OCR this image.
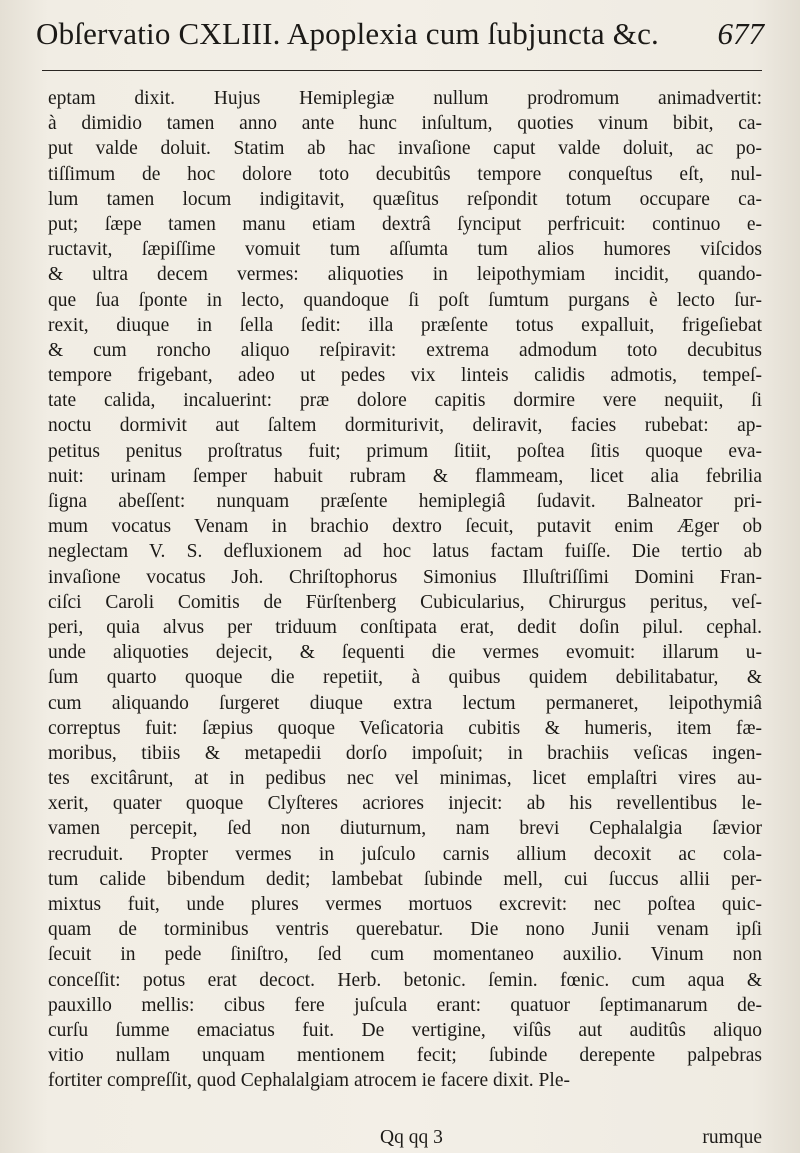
Obſervatio CXLIII. Apoplexia cum ſubjuncta &c. 677
eptam dixit. Hujus Hemiplegiæ nullum prodromum animadvertit:
à dimidio tamen anno ante hunc inſultum, quoties vinum bibit, ca-
put valde doluit. Statim ab hac invaſione caput valde doluit, ac po-
tiſſimum de hoc dolore toto decubitûs tempore conqueſtus eſt, nul-
lum tamen locum indigitavit, quæſitus reſpondit totum occupare ca-
put; ſæpe tamen manu etiam dextrâ ſynciput perfricuit: continuo e-
ructavit, ſæpiſſime vomuit tum aſſumta tum alios humores viſcidos
& ultra decem vermes: aliquoties in leipothymiam incidit, quando-
que ſua ſponte in lecto, quandoque ſi poſt ſumtum purgans è lecto ſur-
rexit, diuque in ſella ſedit: illa præſente totus expalluit, frigeſiebat
& cum roncho aliquo reſpiravit: extrema admodum toto decubitus
tempore frigebant, adeo ut pedes vix linteis calidis admotis, tempeſ-
tate calida, incaluerint: præ dolore capitis dormire vere nequiit, ſi
noctu dormivit aut ſaltem dormiturivit, deliravit, facies rubebat: ap-
petitus penitus proſtratus fuit; primum ſitiit, poſtea ſitis quoque eva-
nuit: urinam ſemper habuit rubram & flammeam, licet alia febrilia
ſigna abeſſent: nunquam præſente hemiplegiâ ſudavit. Balneator pri-
mum vocatus Venam in brachio dextro ſecuit, putavit enim Æger ob
neglectam V. S. defluxionem ad hoc latus factam fuiſſe. Die tertio ab
invaſione vocatus Joh. Chriſtophorus Simonius Illuſtriſſimi Domini Fran-
ciſci Caroli Comitis de Fürſtenberg Cubicularius, Chirurgus peritus, veſ-
peri, quia alvus per triduum conſtipata erat, dedit doſin pilul. cephal.
unde aliquoties dejecit, & ſequenti die vermes evomuit: illarum u-
ſum quarto quoque die repetiit, à quibus quidem debilitabatur, &
cum aliquando ſurgeret diuque extra lectum permaneret, leipothymiâ
correptus fuit: ſæpius quoque Veſicatoria cubitis & humeris, item fæ-
moribus, tibiis & metapedii dorſo impoſuit; in brachiis veſicas ingen-
tes excitârunt, at in pedibus nec vel minimas, licet emplaſtri vires au-
xerit, quater quoque Clyſteres acriores injecit: ab his revellentibus le-
vamen percepit, ſed non diuturnum, nam brevi Cephalalgia ſævior
recruduit. Propter vermes in juſculo carnis allium decoxit ac cola-
tum calide bibendum dedit; lambebat ſubinde mell, cui ſuccus allii per-
mixtus fuit, unde plures vermes mortuos excrevit: nec poſtea quic-
quam de torminibus ventris querebatur. Die nono Junii venam ipſi
ſecuit in pede ſiniſtro, ſed cum momentaneo auxilio. Vinum non
conceſſit: potus erat decoct. Herb. betonic. ſemin. fœnic. cum aqua &
pauxillo mellis: cibus fere juſcula erant: quatuor ſeptimanarum de-
curſu ſumme emaciatus fuit. De vertigine, viſûs aut auditûs aliquo
vitio nullam unquam mentionem fecit; ſubinde derepente palpebras
fortiter compreſſit, quod Cephalalgiam atrocem ie facere dixit. Ple-
Qq qq 3	rumque
